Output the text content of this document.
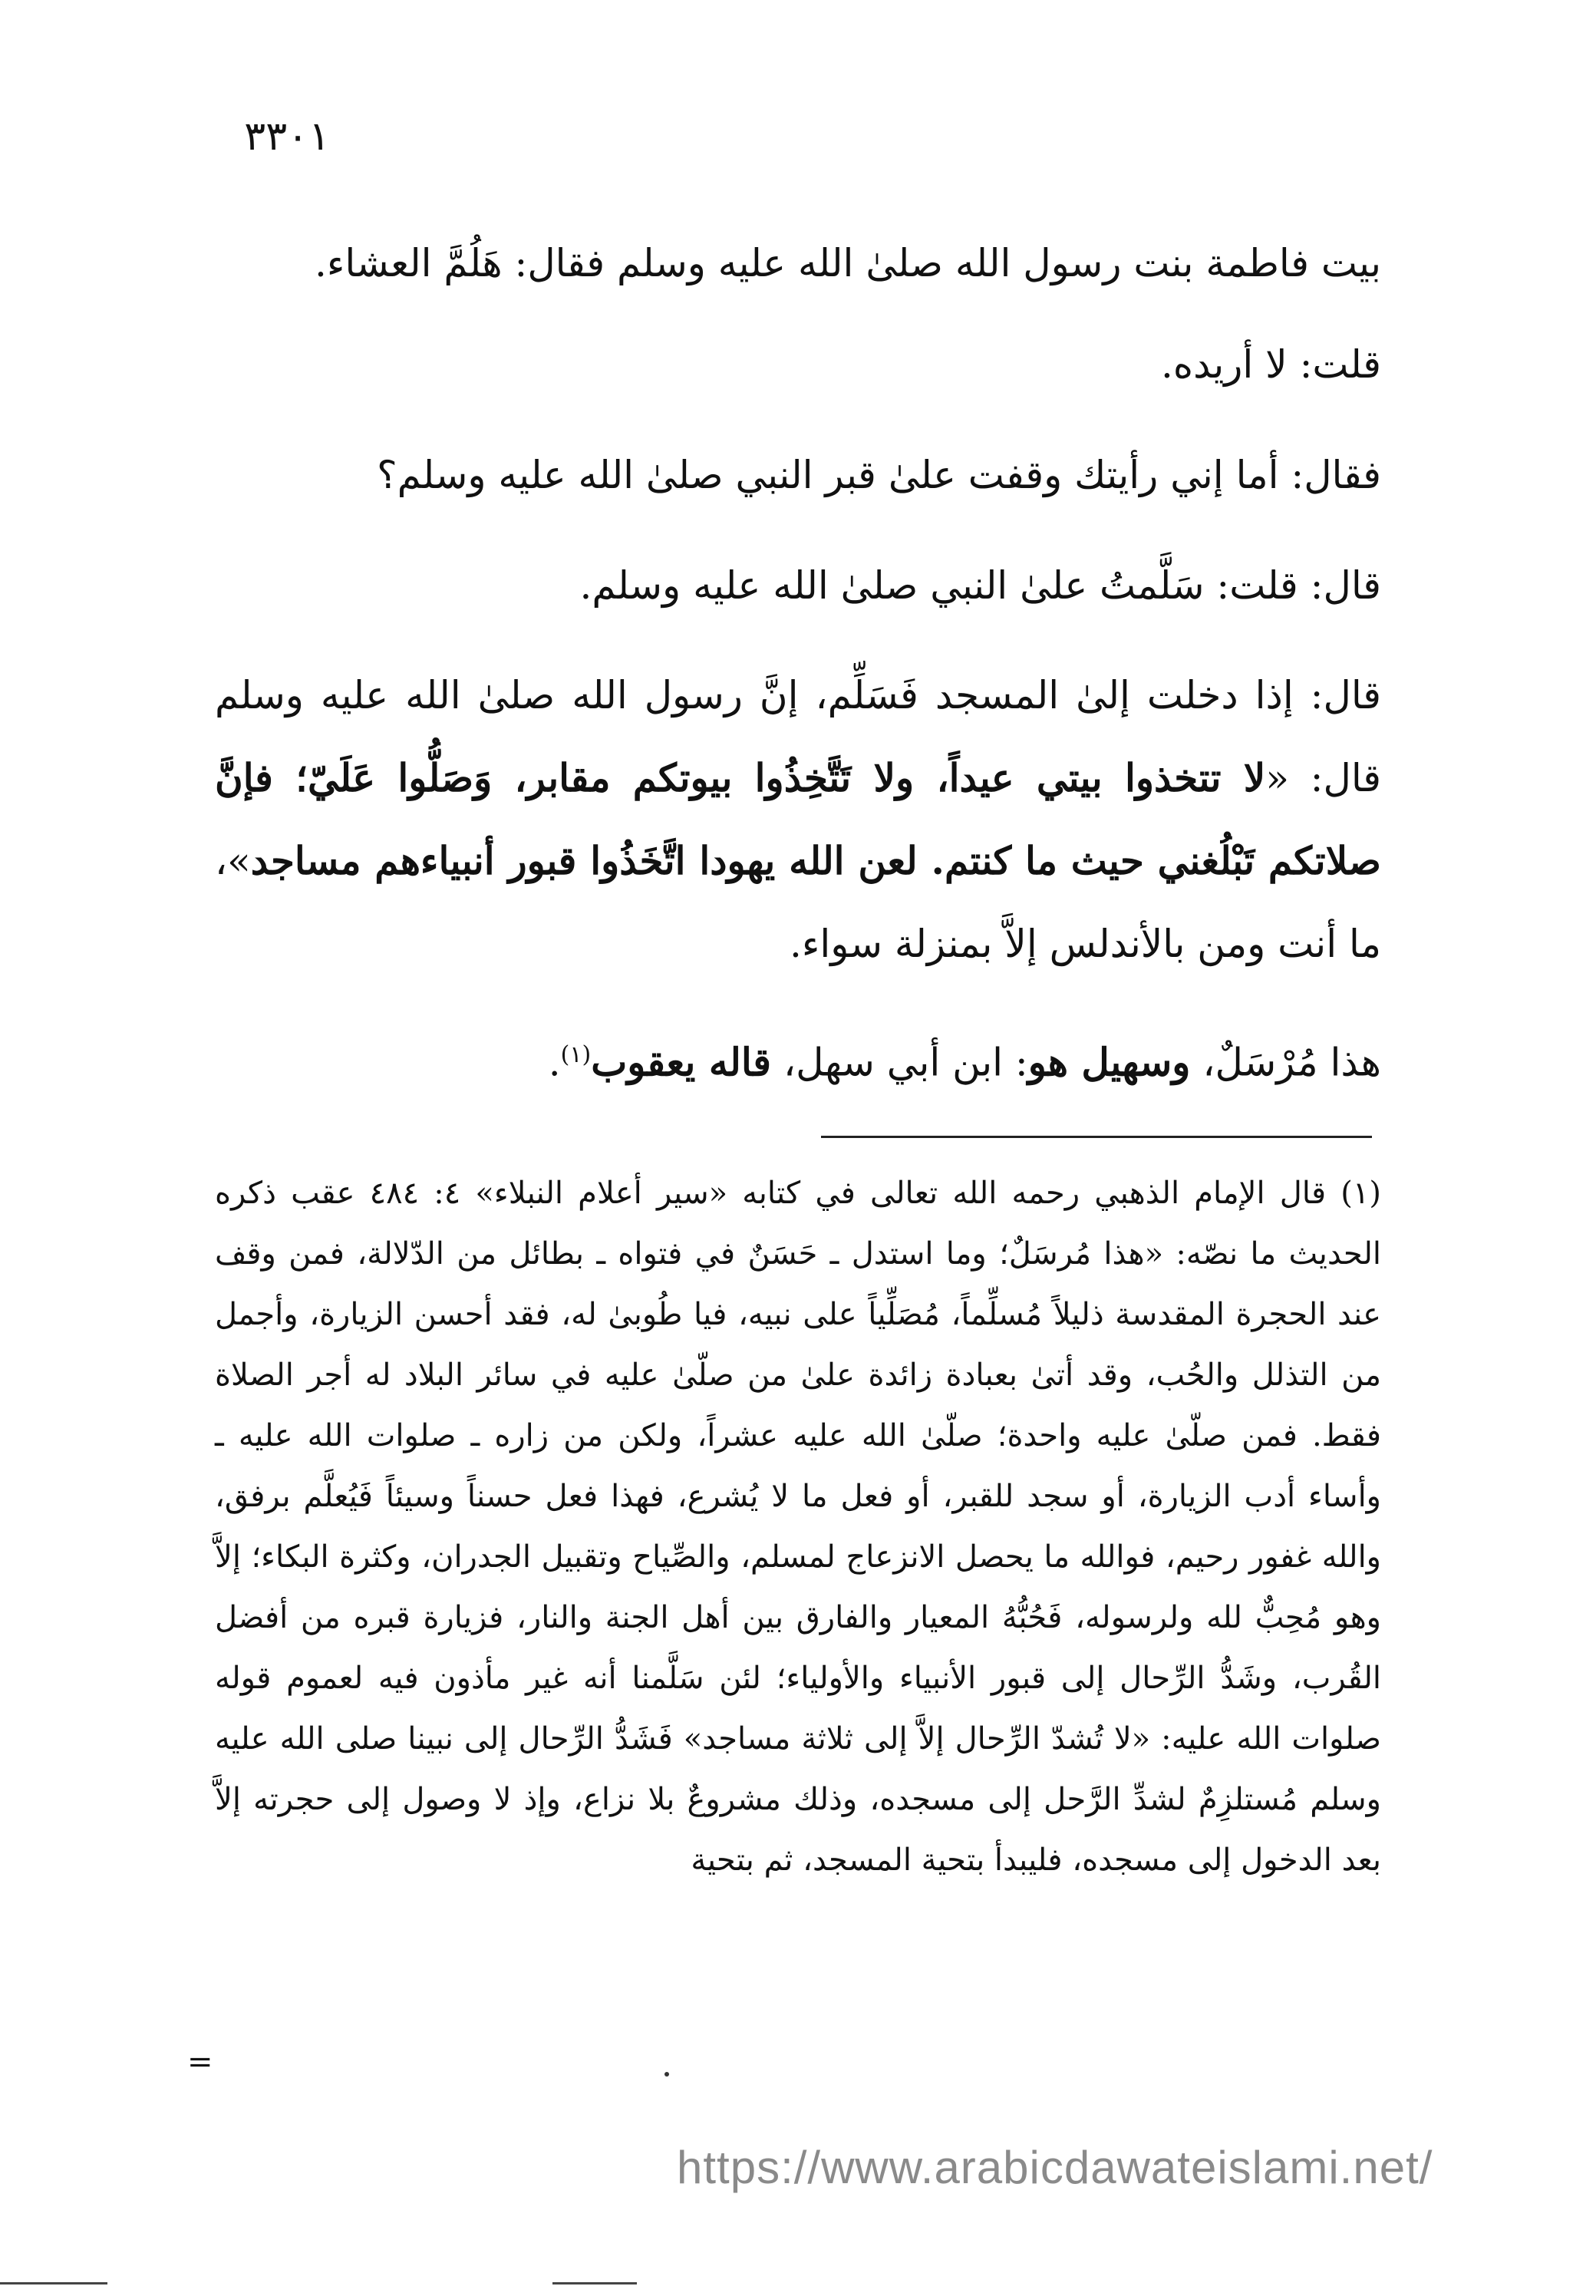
٣٣٠١

بيت فاطمة بنت رسول الله صلىٰ الله عليه وسلم فقال: هَلُمَّ العشاء.

قلت: لا أريده.

فقال: أما إني رأيتك وقفت علىٰ قبر النبي صلىٰ الله عليه وسلم؟

قال: قلت: سَلَّمتُ علىٰ النبي صلىٰ الله عليه وسلم.

قال: إذا دخلت إلىٰ المسجد فَسَلِّم، إنَّ رسول الله صلىٰ الله عليه وسلم قال: «لا تتخذوا بيتي عيداً، ولا تَتَّخِذُوا بيوتكم مقابر، وَصَلُّوا عَلَيّ؛ فإنَّ صلاتكم تَبْلُغني حيث ما كنتم. لعن الله يهودا اتَّخَذُوا قبور أنبياءهم مساجد»، ما أنت ومن بالأندلس إلاَّ بمنزلة سواء.

هذا مُرْسَلٌ، وسهيل هو: ابن أبي سهل، قاله يعقوب$^{(١)}$.

(١) قال الإمام الذهبي رحمه الله تعالى في كتابه «سير أعلام النبلاء» ٤: ٤٨٤ عقب ذكره الحديث ما نصّه: «هذا مُرسَلٌ؛ وما استدل ـ حَسَنٌ في فتواه ـ بطائل من الدّلالة، فمن وقف عند الحجرة المقدسة ذليلاً مُسلِّماً، مُصَلِّياً على نبيه، فيا طُوبىٰ له، فقد أحسن الزيارة، وأجمل من التذلل والحُب، وقد أتىٰ بعبادة زائدة علىٰ من صلّىٰ عليه في سائر البلاد له أجر الصلاة فقط. فمن صلّىٰ عليه واحدة؛ صلّىٰ الله عليه عشراً، ولكن من زاره ـ صلوات الله عليه ـ وأساء أدب الزيارة، أو سجد للقبر، أو فعل ما لا يُشرع، فهذا فعل حسناً وسيئاً فَيُعلَّم برفق، والله غفور رحيم، فوالله ما يحصل الانزعاج لمسلم، والصِّياح وتقبيل الجدران، وكثرة البكاء؛ إلاَّ وهو مُحِبٌّ لله ولرسوله، فَحُبُّهُ المعيار والفارق بين أهل الجنة والنار، فزيارة قبره من أفضل القُرب، وشَدُّ الرِّحال إلى قبور الأنبياء والأولياء؛ لئن سَلَّمنا أنه غير مأذون فيه لعموم قوله صلوات الله عليه: «لا تُشدّ الرِّحال إلاَّ إلى ثلاثة مساجد» فَشَدُّ الرِّحال إلى نبينا صلى الله عليه وسلم مُستلزِمٌ لشدِّ الرَّحل إلى مسجده، وذلك مشروعٌ بلا نزاع، وإذ لا وصول إلى حجرته إلاَّ بعد الدخول إلى مسجده، فليبدأ بتحية المسجد، ثم بتحية

=
https://www.arabicdawateislami.net/
